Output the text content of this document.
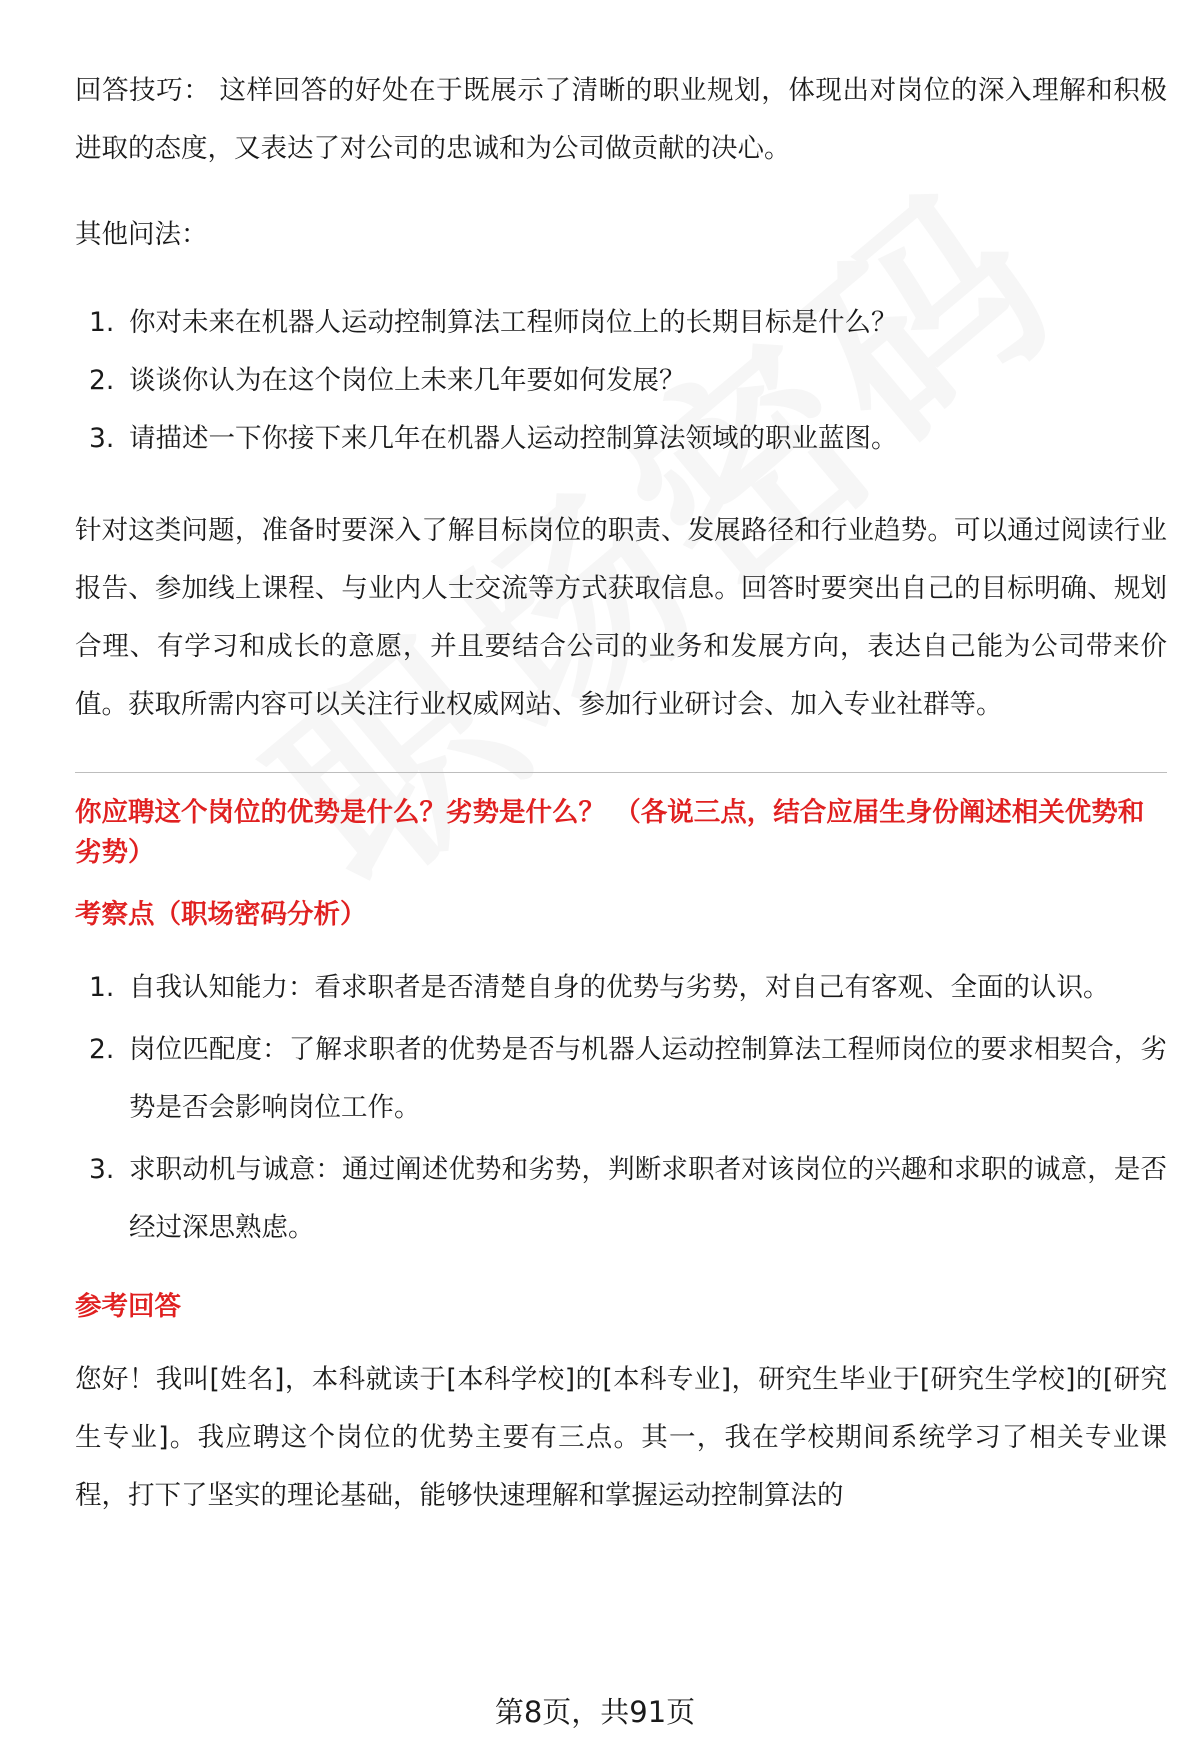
回答技巧： 这样回答的好处在于既展示了清晰的职业规划，体现出对岗位的深入理解和积极进取的态度，又表达了对公司的忠诚和为公司做贡献的决心。

其他问法：

1. 你对未来在机器人运动控制算法工程师岗位上的长期目标是什么？
2. 谈谈你认为在这个岗位上未来几年要如何发展？
3. 请描述一下你接下来几年在机器人运动控制算法领域的职业蓝图。

针对这类问题，准备时要深入了解目标岗位的职责、发展路径和行业趋势。可以通过阅读行业报告、参加线上课程、与业内人士交流等方式获取信息。回答时要突出自己的目标明确、规划合理、有学习和成长的意愿，并且要结合公司的业务和发展方向，表达自己能为公司带来价值。获取所需内容可以关注行业权威网站、参加行业研讨会、加入专业社群等。

你应聘这个岗位的优势是什么？劣势是什么？ （各说三点，结合应届生身份阐述相关优势和劣势）

考察点（职场密码分析）

1. 自我认知能力：看求职者是否清楚自身的优势与劣势，对自己有客观、全面的认识。
2. 岗位匹配度：了解求职者的优势是否与机器人运动控制算法工程师岗位的要求相契合，劣势是否会影响岗位工作。
3. 求职动机与诚意：通过阐述优势和劣势，判断求职者对该岗位的兴趣和求职的诚意，是否经过深思熟虑。

参考回答

您好！我叫[姓名]，本科就读于[本科学校]的[本科专业]，研究生毕业于[研究生学校]的[研究生专业]。我应聘这个岗位的优势主要有三点。其一，我在学校期间系统学习了相关专业课程，打下了坚实的理论基础，能够快速理解和掌握运动控制算法的

第8页，共91页
